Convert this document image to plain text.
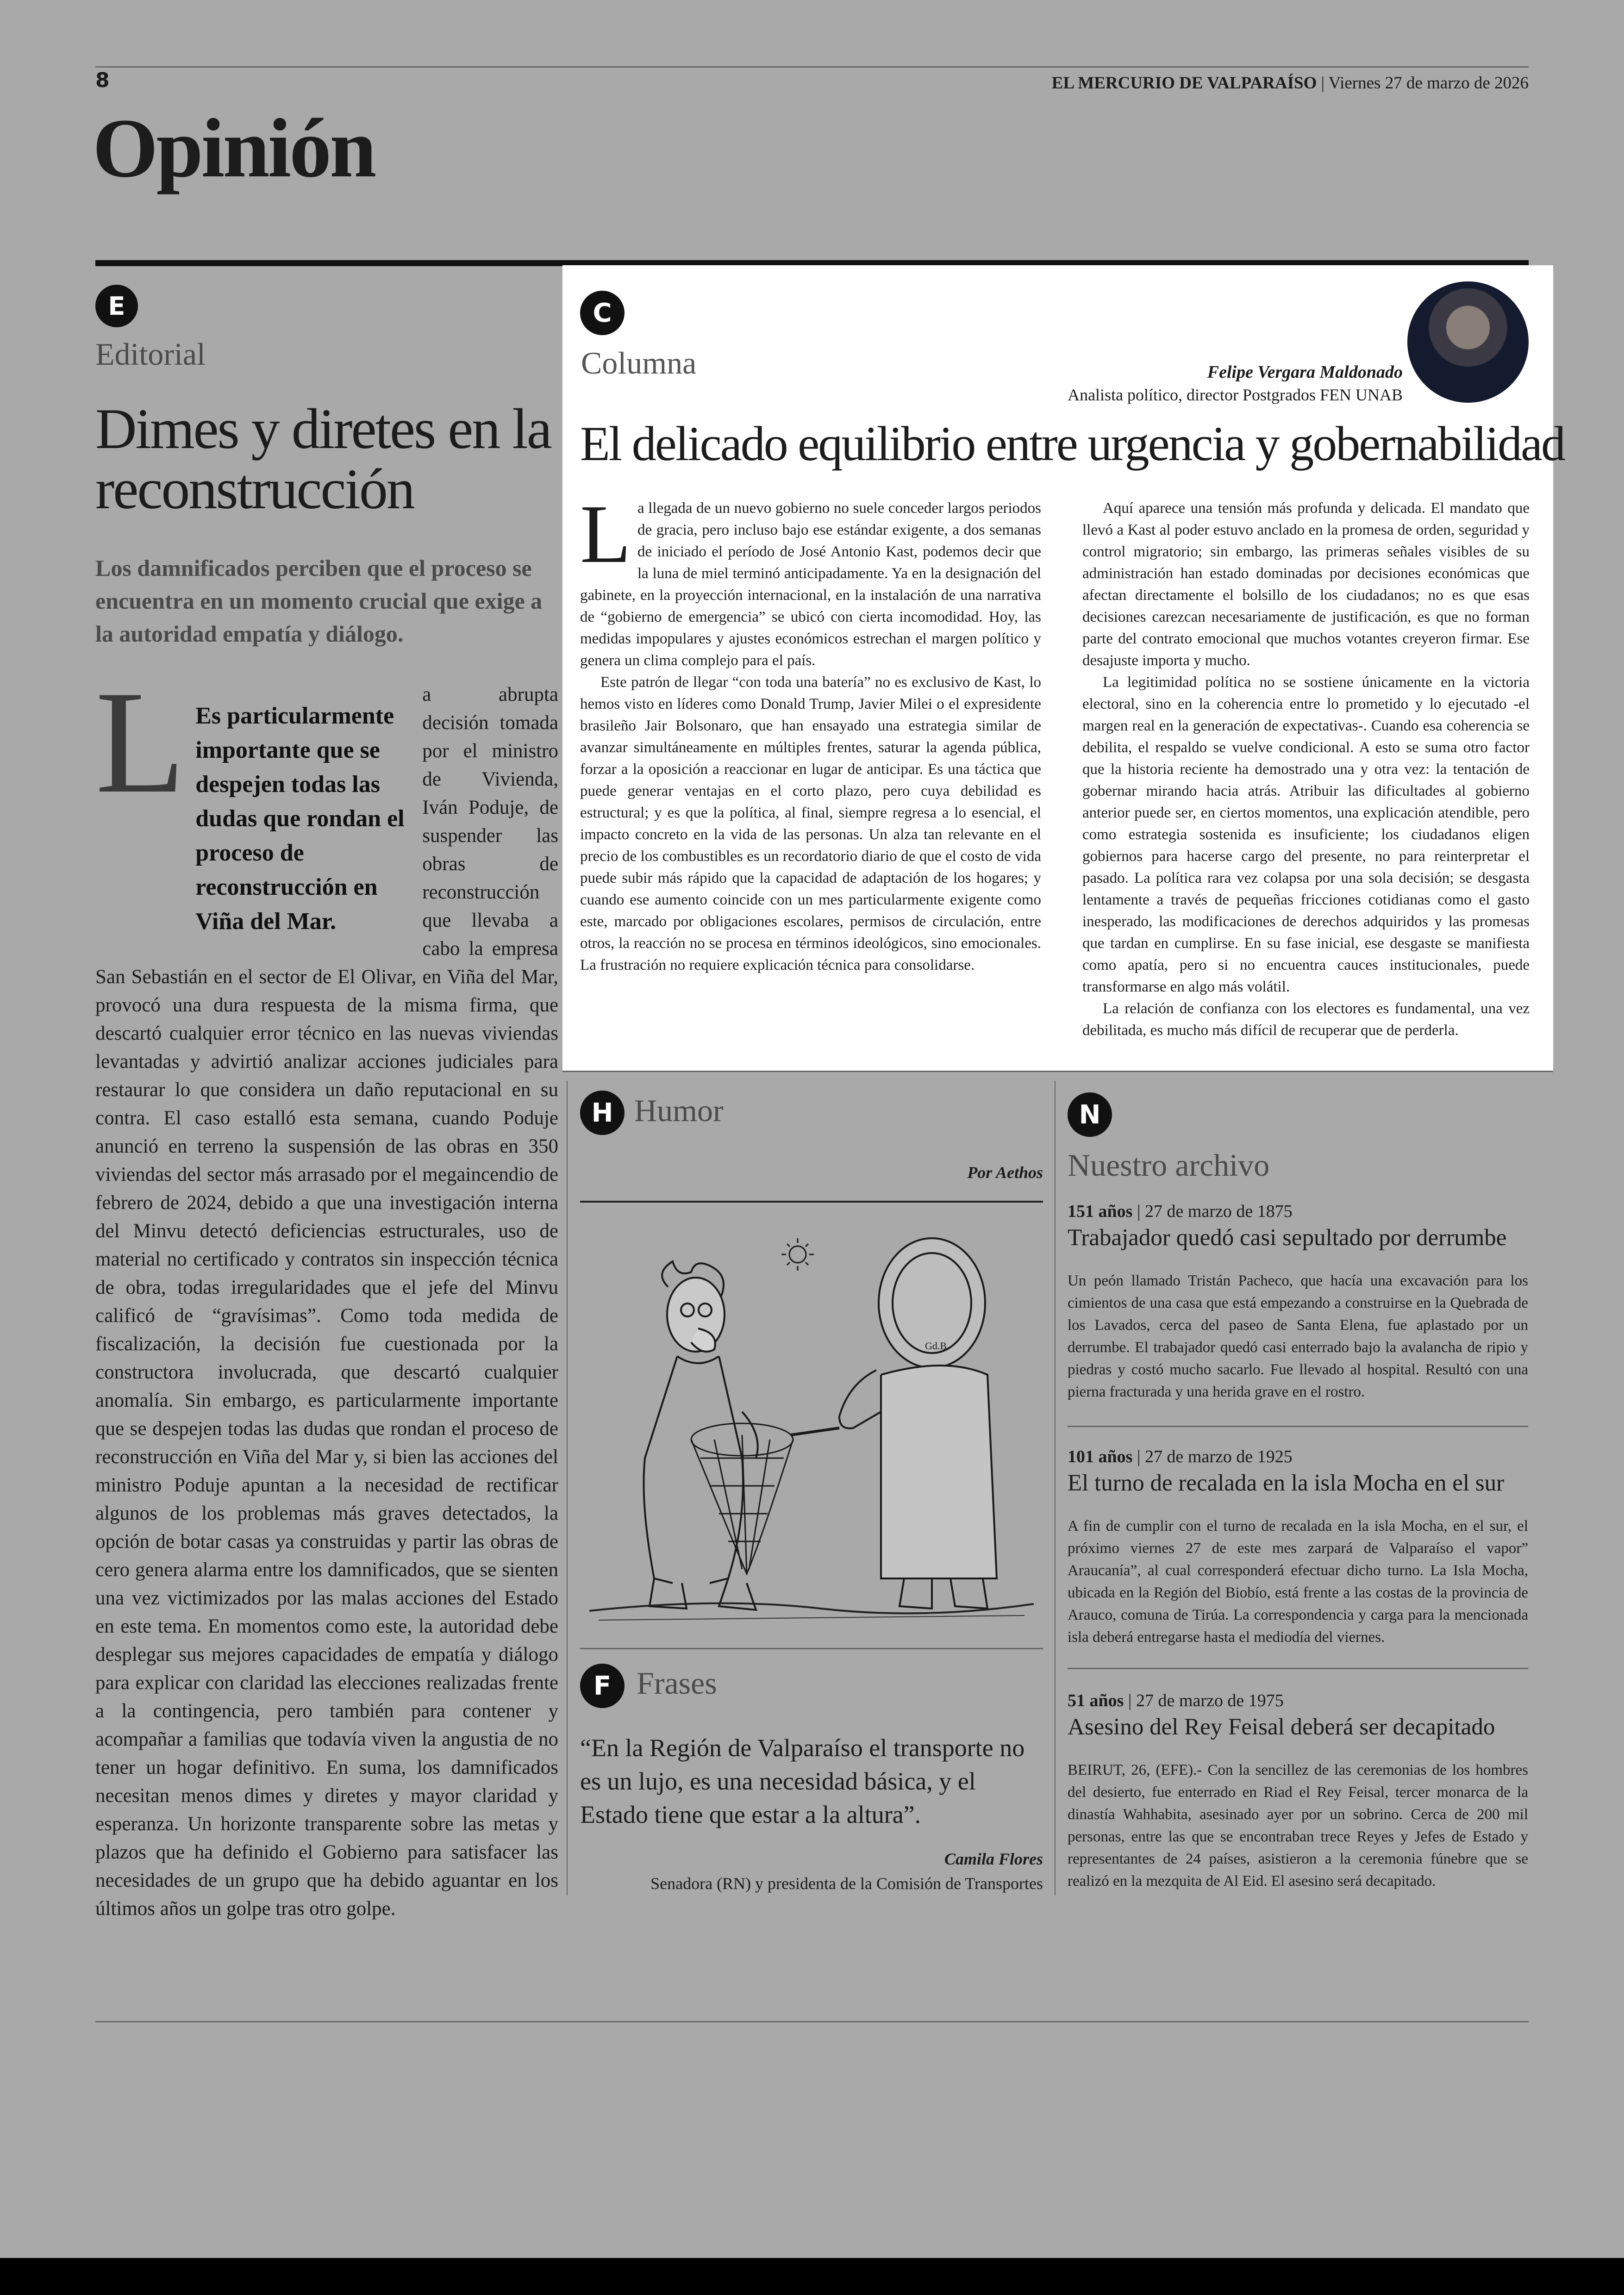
8	EL MERCURIO DE VALPARAÍSO | Viernes 27 de marzo de 2026
Opinión
E
Editorial
Dimes y diretes en la reconstrucción
Los damnificados perciben que el proceso se encuentra en un momento crucial que exige a la autoridad empatía y diálogo.
L Es particularmente importante que se despejen todas las dudas que rondan el proceso de reconstrucción en Viña del Mar.

a abrupta decisión tomada por el ministro de Vivienda, Iván Poduje, de suspender las obras de reconstrucción que llevaba a cabo la empresa San Sebastián en el sector de El Olivar, en Viña del Mar, provocó una dura respuesta de la misma firma, que descartó cualquier error técnico en las nuevas viviendas levantadas y advirtió analizar acciones judiciales para restaurar lo que considera un daño reputacional en su contra. El caso estalló esta semana, cuando Poduje anunció en terreno la suspensión de las obras en 350 viviendas del sector más arrasado por el megaincendio de febrero de 2024, debido a que una investigación interna del Minvu detectó deficiencias estructurales, uso de material no certificado y contratos sin inspección técnica de obra, todas irregularidades que el jefe del Minvu calificó de “gravísimas”. Como toda medida de fiscalización, la decisión fue cuestionada por la constructora involucrada, que descartó cualquier anomalía. Sin embargo, es particularmente importante que se despejen todas las dudas que rondan el proceso de reconstrucción en Viña del Mar y, si bien las acciones del ministro Poduje apuntan a la necesidad de rectificar algunos de los problemas más graves detectados, la opción de botar casas ya construidas y partir las obras de cero genera alarma entre los damnificados, que se sienten una vez victimizados por las malas acciones del Estado en este tema. En momentos como este, la autoridad debe desplegar sus mejores capacidades de empatía y diálogo para explicar con claridad las elecciones realizadas frente a la contingencia, pero también para contener y acompañar a familias que todavía viven la angustia de no tener un hogar definitivo. En suma, los damnificados necesitan menos dimes y diretes y mayor claridad y esperanza. Un horizonte transparente sobre las metas y plazos que ha definido el Gobierno para satisfacer las necesidades de un grupo que ha debido aguantar en los últimos años un golpe tras otro golpe.

C
Columna	Felipe Vergara Maldonado
Analista político, director Postgrados FEN UNAB
El delicado equilibrio entre urgencia y gobernabilidad
L a llegada de un nuevo gobierno no suele conceder largos periodos de gracia, pero incluso bajo ese estándar exigente, a dos semanas de iniciado el período de José Antonio Kast, podemos decir que la luna de miel terminó anticipadamente. Ya en la designación del gabinete, en la proyección internacional, en la instalación de una narrativa de “gobierno de emergencia” se ubicó con cierta incomodidad. Hoy, las medidas impopulares y ajustes económicos estrechan el margen político y genera un clima complejo para el país.

Este patrón de llegar “con toda una batería” no es exclusivo de Kast, lo hemos visto en líderes como Donald Trump, Javier Milei o el expresidente brasileño Jair Bolsonaro, que han ensayado una estrategia similar de avanzar simultáneamente en múltiples frentes, saturar la agenda pública, forzar a la oposición a reaccionar en lugar de anticipar. Es una táctica que puede generar ventajas en el corto plazo, pero cuya debilidad es estructural; y es que la política, al final, siempre regresa a lo esencial, el impacto concreto en la vida de las personas. Un alza tan relevante en el precio de los combustibles es un recordatorio diario de que el costo de vida puede subir más rápido que la capacidad de adaptación de los hogares; y cuando ese aumento coincide con un mes particularmente exigente como este, marcado por obligaciones escolares, permisos de circulación, entre otros, la reacción no se procesa en términos ideológicos, sino emocionales. La frustración no requiere explicación técnica para consolidarse.

Aquí aparece una tensión más profunda y delicada. El mandato que llevó a Kast al poder estuvo anclado en la promesa de orden, seguridad y control migratorio; sin embargo, las primeras señales visibles de su administración han estado dominadas por decisiones económicas que afectan directamente el bolsillo de los ciudadanos; no es que esas decisiones carezcan necesariamente de justificación, es que no forman parte del contrato emocional que muchos votantes creyeron firmar. Ese desajuste importa y mucho.

La legitimidad política no se sostiene únicamente en la victoria electoral, sino en la coherencia entre lo prometido y lo ejecutado -el margen real en la generación de expectativas-. Cuando esa coherencia se debilita, el respaldo se vuelve condicional. A esto se suma otro factor que la historia reciente ha demostrado una y otra vez: la tentación de gobernar mirando hacia atrás. Atribuir las dificultades al gobierno anterior puede ser, en ciertos momentos, una explicación atendible, pero como estrategia sostenida es insuficiente; los ciudadanos eligen gobiernos para hacerse cargo del presente, no para reinterpretar el pasado. La política rara vez colapsa por una sola decisión; se desgasta lentamente a través de pequeñas fricciones cotidianas como el gasto inesperado, las modificaciones de derechos adquiridos y las promesas que tardan en cumplirse. En su fase inicial, ese desgaste se manifiesta como apatía, pero si no encuentra cauces institucionales, puede transformarse en algo más volátil.

La relación de confianza con los electores es fundamental, una vez debilitada, es mucho más difícil de recuperar que de perderla.

H Humor
Por Aethos
Gd.B
F Frases
“En la Región de Valparaíso el transporte no es un lujo, es una necesidad básica, y el Estado tiene que estar a la altura”.
Camila Flores
Senadora (RN) y presidenta de la Comisión de Transportes
N
Nuestro archivo
151 años | 27 de marzo de 1875
Trabajador quedó casi sepultado por derrumbe
Un peón llamado Tristán Pacheco, que hacía una excavación para los cimientos de una casa que está empezando a construirse en la Quebrada de los Lavados, cerca del paseo de Santa Elena, fue aplastado por un derrumbe. El trabajador quedó casi enterrado bajo la avalancha de ripio y piedras y costó mucho sacarlo. Fue llevado al hospital. Resultó con una pierna fracturada y una herida grave en el rostro.
101 años | 27 de marzo de 1925
El turno de recalada en la isla Mocha en el sur
A fin de cumplir con el turno de recalada en la isla Mocha, en el sur, el próximo viernes 27 de este mes zarpará de Valparaíso el vapor” Araucanía”, al cual corresponderá efectuar dicho turno. La Isla Mocha, ubicada en la Región del Biobío, está frente a las costas de la provincia de Arauco, comuna de Tirúa. La correspondencia y carga para la mencionada isla deberá entregarse hasta el mediodía del viernes.
51 años | 27 de marzo de 1975
Asesino del Rey Feisal deberá ser decapitado
BEIRUT, 26, (EFE).- Con la sencillez de las ceremonias de los hombres del desierto, fue enterrado en Riad el Rey Feisal, tercer monarca de la dinastía Wahhabita, asesinado ayer por un sobrino. Cerca de 200 mil personas, entre las que se encontraban trece Reyes y Jefes de Estado y representantes de 24 países, asistieron a la ceremonia fúnebre que se realizó en la mezquita de Al Eid. El asesino será decapitado.
